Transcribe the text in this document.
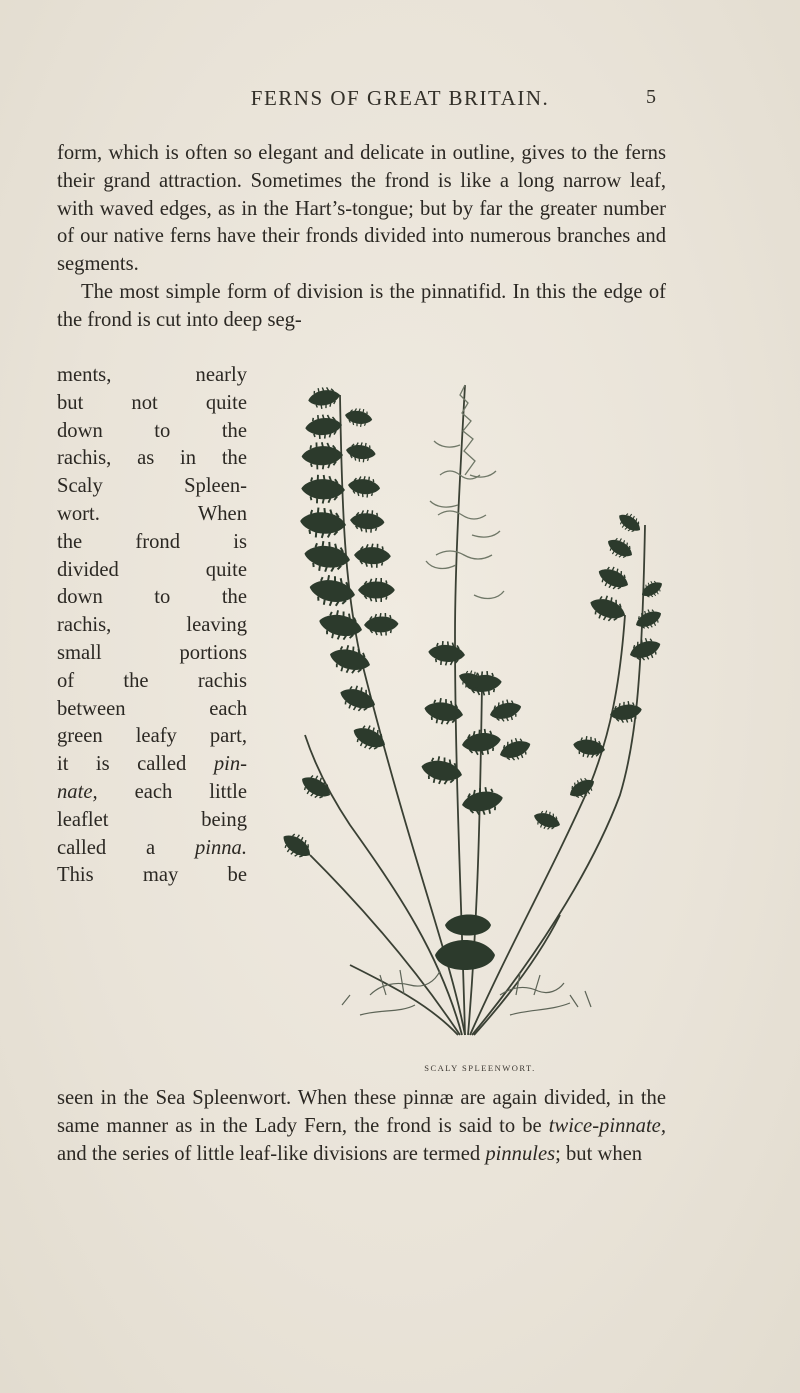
FERNS OF GREAT BRITAIN.	5

form, which is often so elegant and delicate in outline, gives to the ferns their grand attraction. Sometimes the frond is like a long narrow leaf, with waved edges, as in the Hart’s-tongue; but by far the greater number of our native ferns have their fronds divided into numerous branches and segments.

The most simple form of division is the pinnatifid. In this the edge of the frond is cut into deep seg-

ments, nearly
but not quite
down to the
rachis, as in the
Scaly Spleen-
wort. When
the frond is
divided quite
down to the
rachis, leaving
small portions
of the rachis
between each
green leafy part,
it is called pin-
nate, each little
leaflet being
called a pinna.
This may be
SCALY SPLEENWORT.

seen in the Sea Spleenwort. When these pinnæ are again divided, in the same manner as in the Lady Fern, the frond is said to be twice-pinnate, and the series of little leaf-like divisions are termed pinnules; but when
